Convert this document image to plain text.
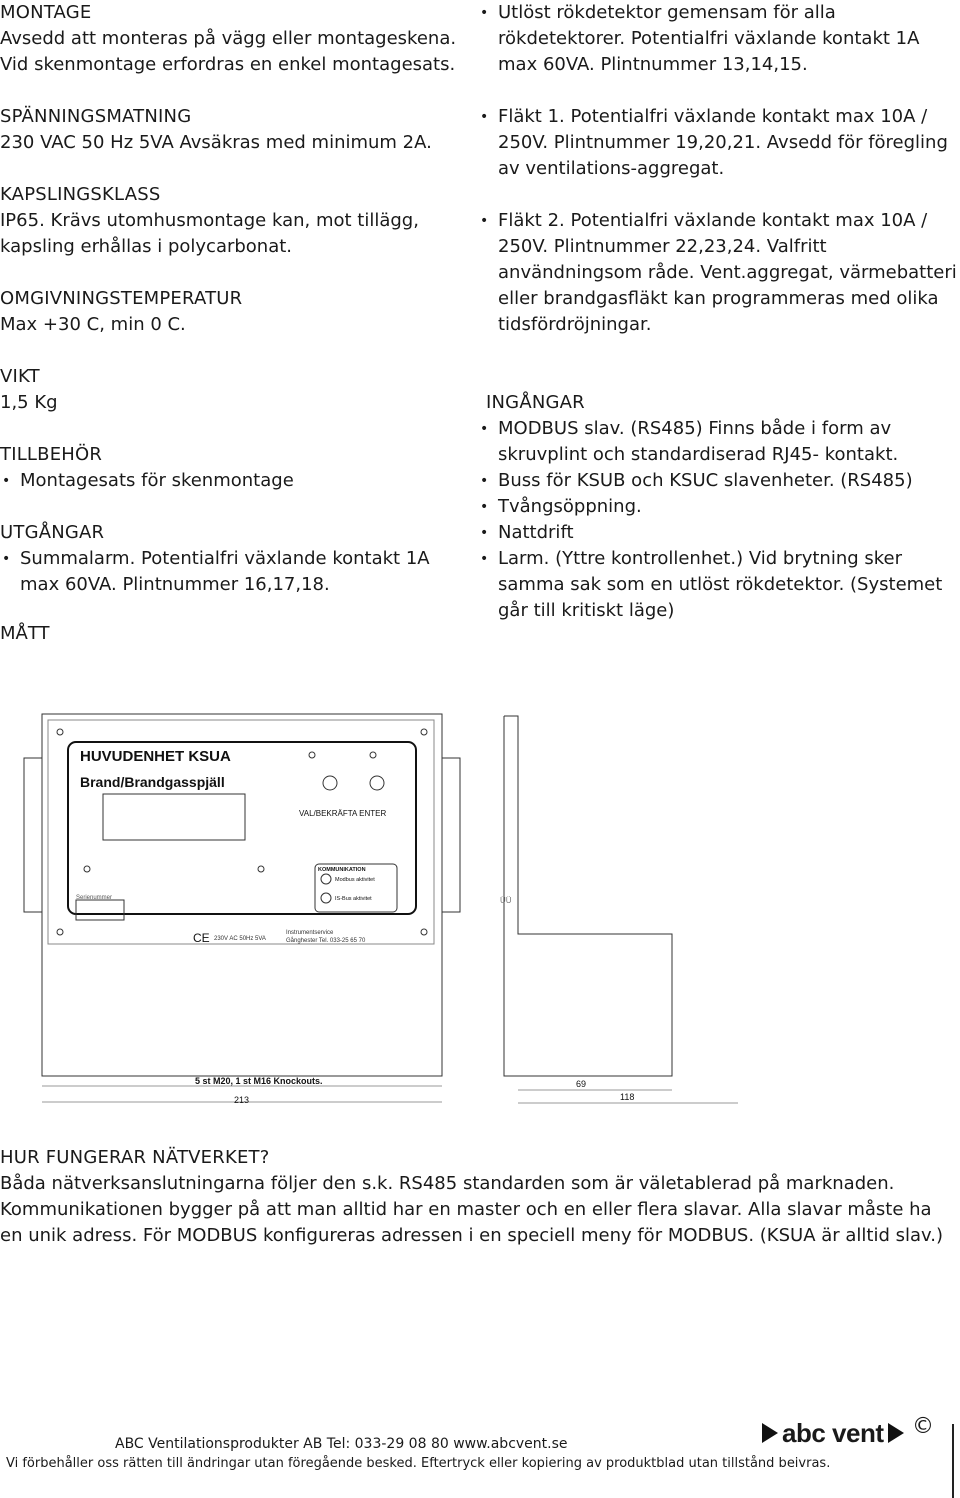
MONTAGE
Avsedd att monteras på vägg eller montageskena. Vid skenmontage erfordras en enkel montagesats.
SPÄNNINGSMATNING
230 VAC 50 Hz 5VA Avsäkras med minimum 2A.
KAPSLINGSKLASS
IP65. Krävs utomhusmontage kan, mot tillägg, kapsling erhållas i polycarbonat.
OMGIVNINGSTEMPERATUR
Max +30 C, min 0 C.
VIKT
1,5 Kg
TILLBEHÖR
• Montagesats för skenmontage
UTGÅNGAR
• Summalarm. Potentialfri växlande kontakt 1A max 60VA. Plintnummer 16,17,18.
• Utlöst rökdetektor gemensam för alla rökdetektorer. Potentialfri växlande kontakt 1A max 60VA. Plintnummer 13,14,15.
• Fläkt 1. Potentialfri växlande kontakt max 10A / 250V. Plintnummer 19,20,21. Avsedd för föregling av ventilations-aggregat.
• Fläkt 2. Potentialfri växlande kontakt max 10A / 250V. Plintnummer 22,23,24. Valfritt användningsom råde. Vent.aggregat, värmebatteri eller brandgasfläkt kan programmeras med olika tidsfördröjningar.
INGÅNGAR
• MODBUS slav. (RS485) Finns både i form av skruvplint och standardiserad RJ45- kontakt.
• Buss för KSUB och KSUC slavenheter. (RS485)
• Tvångsöppning.
• Nattdrift
• Larm. (Yttre kontrollenhet.) Vid brytning sker samma sak som en utlöst rökdetektor. (Systemet går till kritiskt läge)
MÅTT
HUVUDENHET KSUA
Brand/Brandgasspjäll
VAL/BEKRÄFTA ENTER
KOMMUNIKATION
Modbus aktivitet
IS-Bus aktivitet
Serienummer
CE 230V AC 50Hz 5VA
Instrumentservice
Gånghester Tel. 033-25 65 70
ÜÜ
5 st M20, 1 st M16 Knockouts.
213
69
118
HUR FUNGERAR NÄTVERKET?
Båda nätverksanslutningarna följer den s.k. RS485 standarden som är väletablerad på marknaden. Kommunikationen bygger på att man alltid har en master och en eller flera slavar. Alla slavar måste ha en unik adress. För MODBUS konfigureras adressen i en speciell meny för MODBUS. (KSUA är alltid slav.)
ABC Ventilationsprodukter AB Tel: 033-29 08 80 www.abcvent.se
Vi förbehåller oss rätten till ändringar utan föregående besked. Eftertryck eller kopiering av produktblad utan tillstånd beivras.
abc vent ©
